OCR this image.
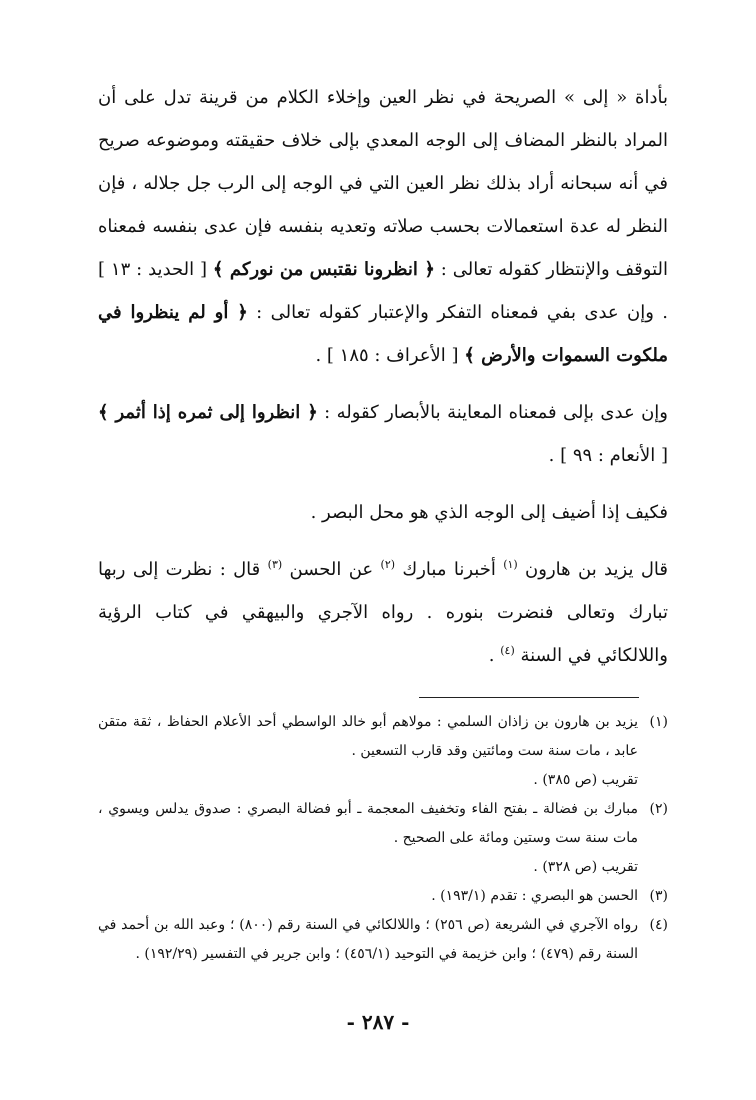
بأداة « إلى » الصريحة في نظر العين وإخلاء الكلام من قرينة تدل على أن المراد بالنظر المضاف إلى الوجه المعدي بإلى خلاف حقيقته وموضوعه صريح في أنه سبحانه أراد بذلك نظر العين التي في الوجه إلى الرب جل جلاله ، فإن النظر له عدة استعمالات بحسب صلاته وتعديه بنفسه فإن عدى بنفسه فمعناه التوقف والإنتظار كقوله تعالى : ﴿ انظرونا نقتبس من نوركم ﴾ [ الحديد : ١٣ ] . وإن عدى بفي فمعناه التفكر والإعتبار كقوله تعالى : ﴿ أو لم ينظروا في ملكوت السموات والأرض ﴾ [ الأعراف : ١٨٥ ] .

وإن عدى بإلى فمعناه المعاينة بالأبصار كقوله : ﴿ انظروا إلى ثمره إذا أثمر ﴾ [ الأنعام : ٩٩ ] .

فكيف إذا أضيف إلى الوجه الذي هو محل البصر .

قال يزيد بن هارون $^{(١)}$ أخبرنا مبارك $^{(٢)}$ عن الحسن $^{(٣)}$ قال : نظرت إلى ربها تبارك وتعالى فنضرت بنوره . رواه الآجري والبيهقي في كتاب الرؤية واللالكائي في السنة $^{(٤)}$ .

(١)
يزيد بن هارون بن زاذان السلمي : مولاهم أبو خالد الواسطي أحد الأعلام الحفاظ ، ثقة متقن عابد ، مات سنة ست ومائتين وقد قارب التسعين .
تقريب (ص ٣٨٥) .
(٢)
مبارك بن فضالة ـ بفتح الفاء وتخفيف المعجمة ـ أبو فضالة البصري : صدوق يدلس ويسوي ، مات سنة ست وستين ومائة على الصحيح .
تقريب (ص ٣٢٨) .
(٣)
الحسن هو البصري : تقدم (١٩٣/١) .
(٤)
رواه الآجري في الشريعة (ص ٢٥٦) ؛ واللالكائي في السنة رقم (٨٠٠) ؛ وعبد الله بن أحمد في السنة رقم (٤٧٩) ؛ وابن خزيمة في التوحيد (٤٥٦/١) ؛ وابن جرير في التفسير (١٩٢/٢٩) .
- ٢٨٧ -
